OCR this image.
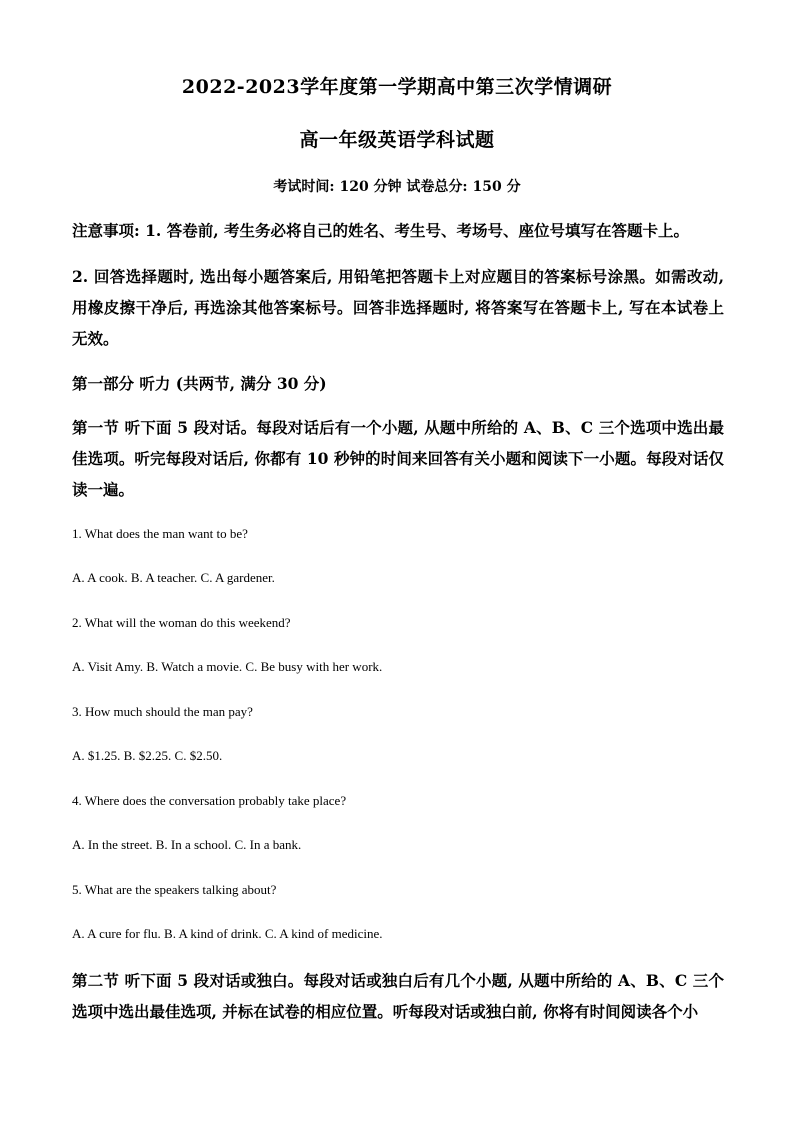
2022-2023学年度第一学期高中第三次学情调研
高一年级英语学科试题
考试时间: 120 分钟 试卷总分: 150 分
注意事项: 1. 答卷前, 考生务必将自己的姓名、考生号、考场号、座位号填写在答题卡上。
2. 回答选择题时, 选出每小题答案后, 用铅笔把答题卡上对应题目的答案标号涂黑。如需改动, 用橡皮擦干净后, 再选涂其他答案标号。回答非选择题时, 将答案写在答题卡上, 写在本试卷上无效。
第一部分 听力 (共两节, 满分 30 分)
第一节 听下面 5 段对话。每段对话后有一个小题, 从题中所给的 A、B、C 三个选项中选出最佳选项。听完每段对话后, 你都有 10 秒钟的时间来回答有关小题和阅读下一小题。每段对话仅读一遍。
1. What does the man want to be?
A. A cook. B. A teacher. C. A gardener.
2. What will the woman do this weekend?
A. Visit Amy. B. Watch a movie. C. Be busy with her work.
3. How much should the man pay?
A. $1.25. B. $2.25. C. $2.50.
4. Where does the conversation probably take place?
A. In the street. B. In a school. C. In a bank.
5. What are the speakers talking about?
A. A cure for flu. B. A kind of drink. C. A kind of medicine.
第二节 听下面 5 段对话或独白。每段对话或独白后有几个小题, 从题中所给的 A、B、C 三个选项中选出最佳选项, 并标在试卷的相应位置。听每段对话或独白前, 你将有时间阅读各个小
